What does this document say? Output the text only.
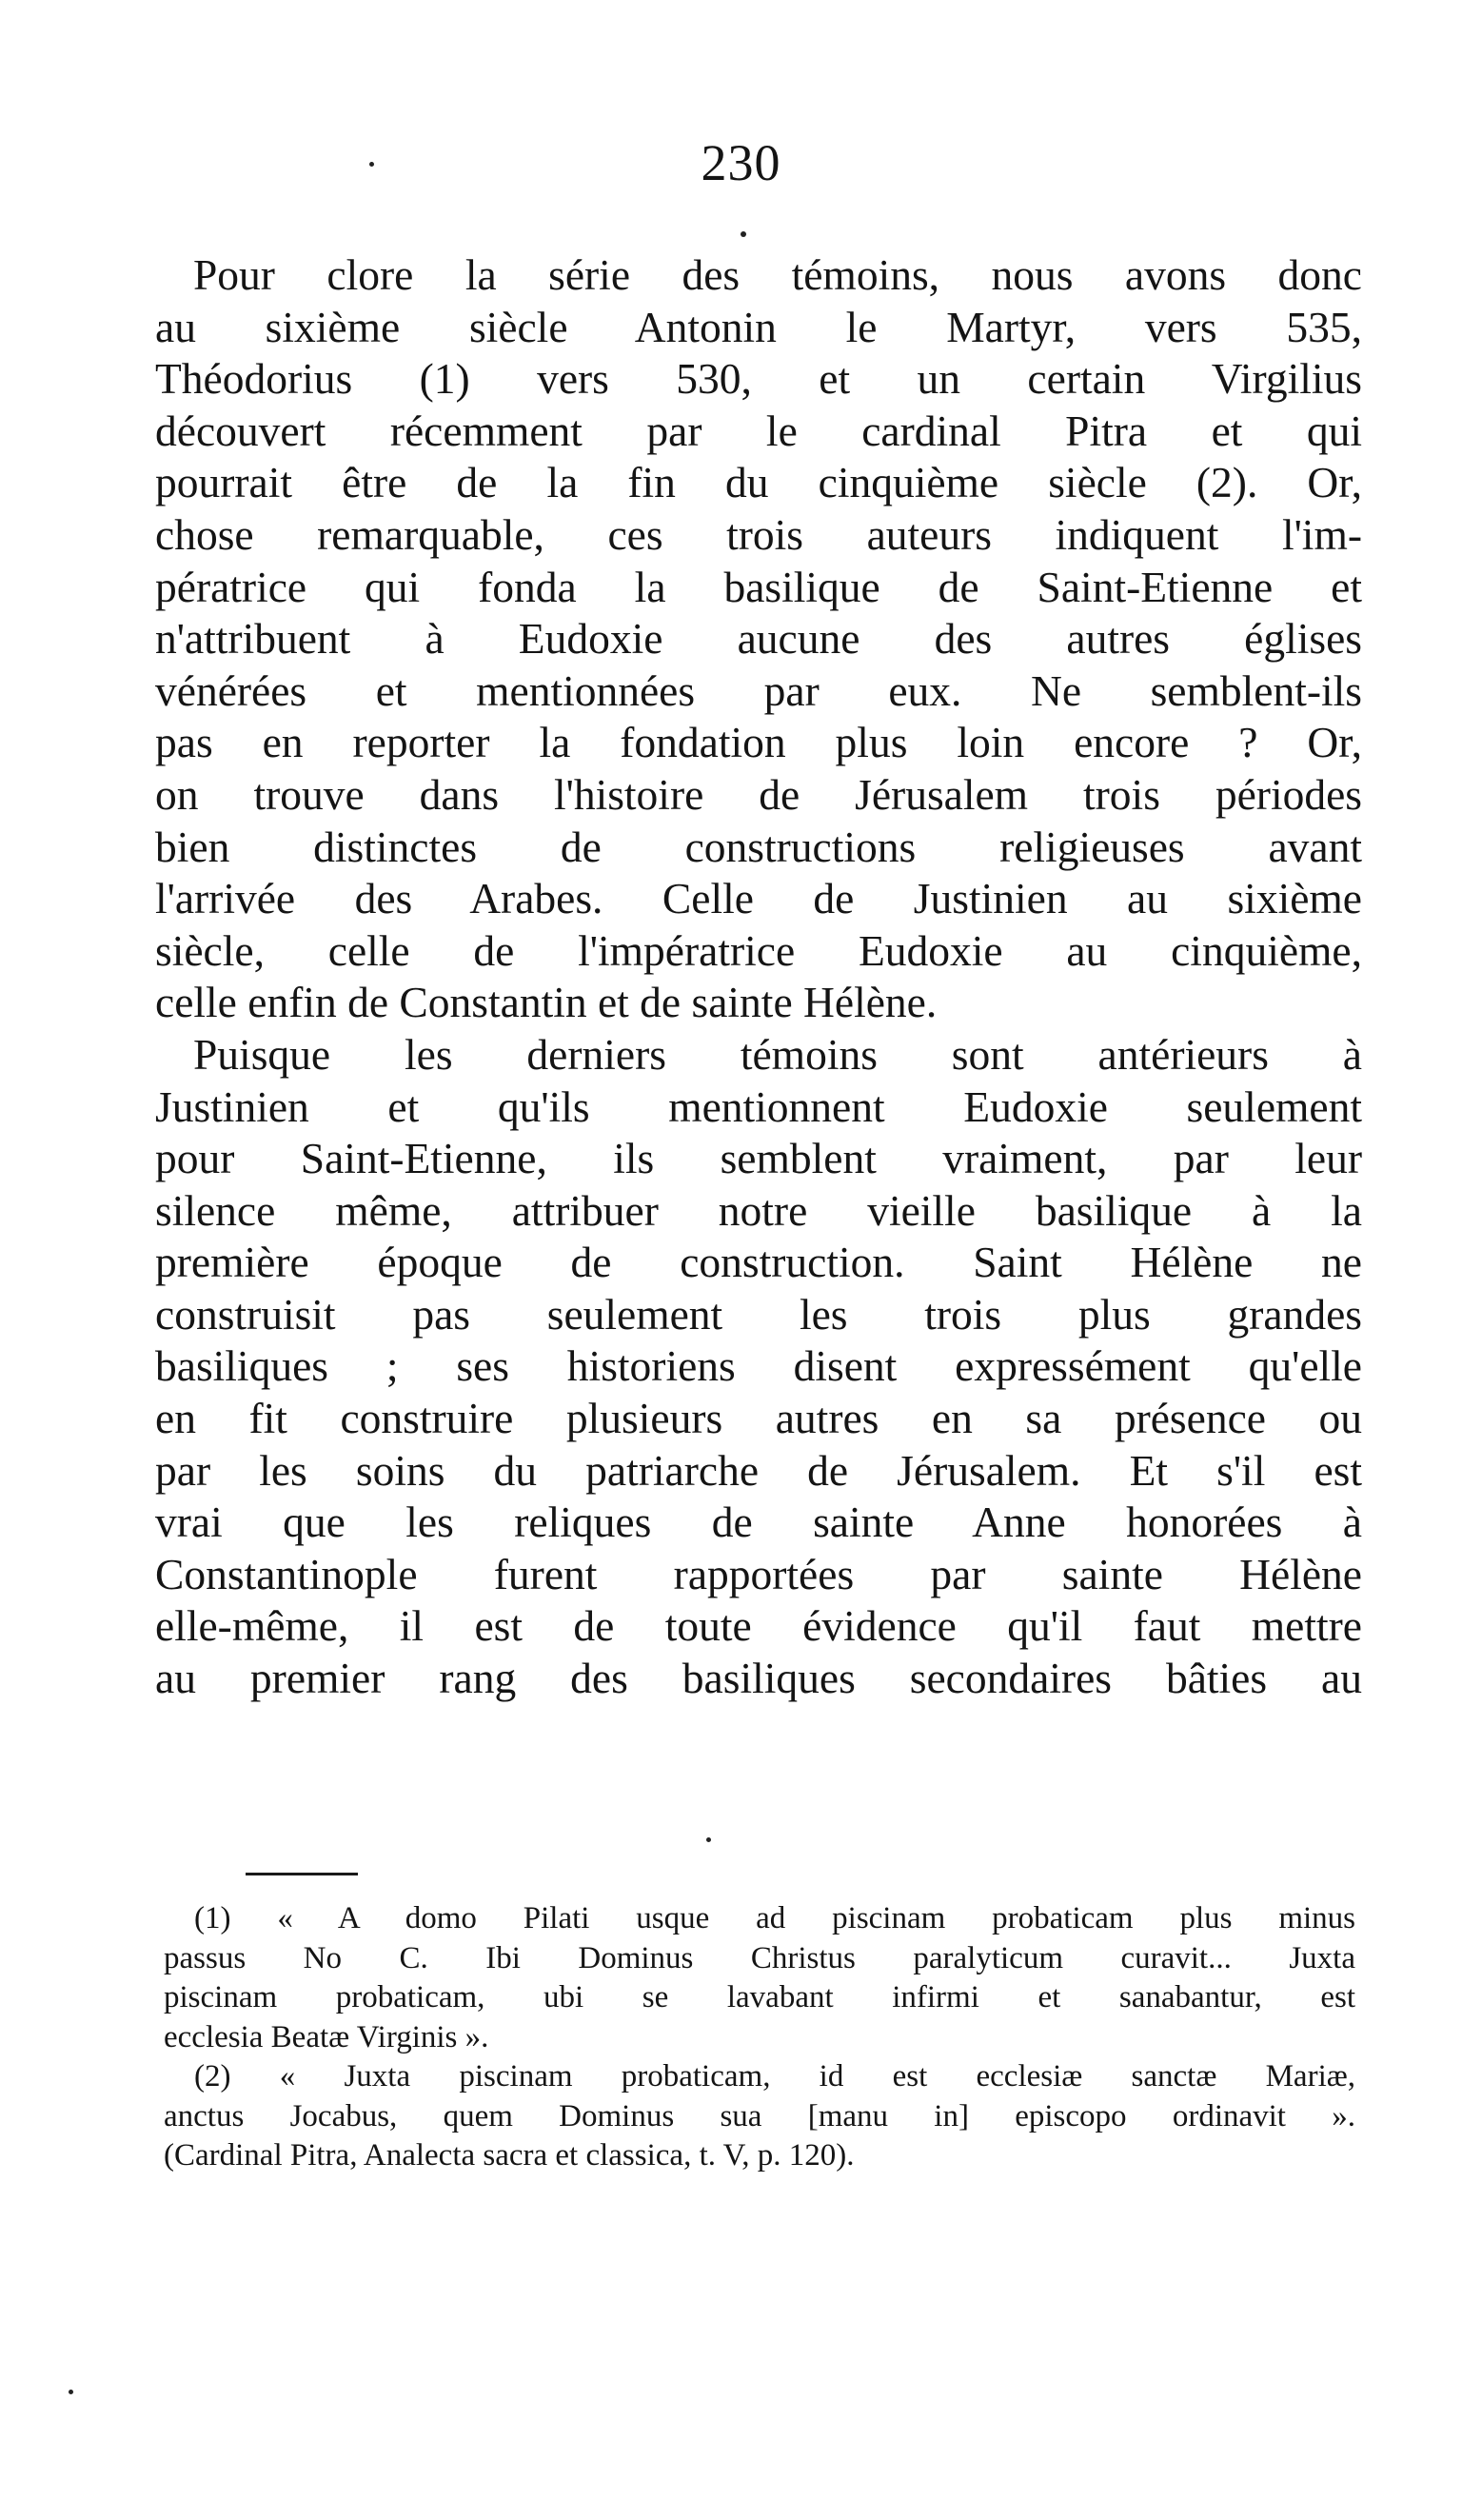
230
Pour clore la série des témoins, nous avons donc
au sixième siècle Antonin le Martyr, vers 535,
Théodorius (1) vers 530, et un certain Virgilius
découvert récemment par le cardinal Pitra et qui
pourrait être de la fin du cinquième siècle (2). Or,
chose remarquable, ces trois auteurs indiquent l'im-
pératrice qui fonda la basilique de Saint-Etienne et
n'attribuent à Eudoxie aucune des autres églises
vénérées et mentionnées par eux. Ne semblent-ils
pas en reporter la fondation plus loin encore ? Or,
on trouve dans l'histoire de Jérusalem trois périodes
bien distinctes de constructions religieuses avant
l'arrivée des Arabes. Celle de Justinien au sixième
siècle, celle de l'impératrice Eudoxie au cinquième,
celle enfin de Constantin et de sainte Hélène.
Puisque les derniers témoins sont antérieurs à
Justinien et qu'ils mentionnent Eudoxie seulement
pour Saint-Etienne, ils semblent vraiment, par leur
silence même, attribuer notre vieille basilique à la
première époque de construction. Saint Hélène ne
construisit pas seulement les trois plus grandes
basiliques ; ses historiens disent expressément qu'elle
en fit construire plusieurs autres en sa présence ou
par les soins du patriarche de Jérusalem. Et s'il est
vrai que les reliques de sainte Anne honorées à
Constantinople furent rapportées par sainte Hélène
elle-même, il est de toute évidence qu'il faut mettre
au premier rang des basiliques secondaires bâties au
(1) « A domo Pilati usque ad piscinam probaticam plus minus
passus No C. Ibi Dominus Christus paralyticum curavit... Juxta
piscinam probaticam, ubi se lavabant infirmi et sanabantur, est
ecclesia Beatæ Virginis ».
(2) « Juxta piscinam probaticam, id est ecclesiæ sanctæ Mariæ,
anctus Jocabus, quem Dominus sua [manu in] episcopo ordinavit ».
(Cardinal Pitra, Analecta sacra et classica, t. V, p. 120).
